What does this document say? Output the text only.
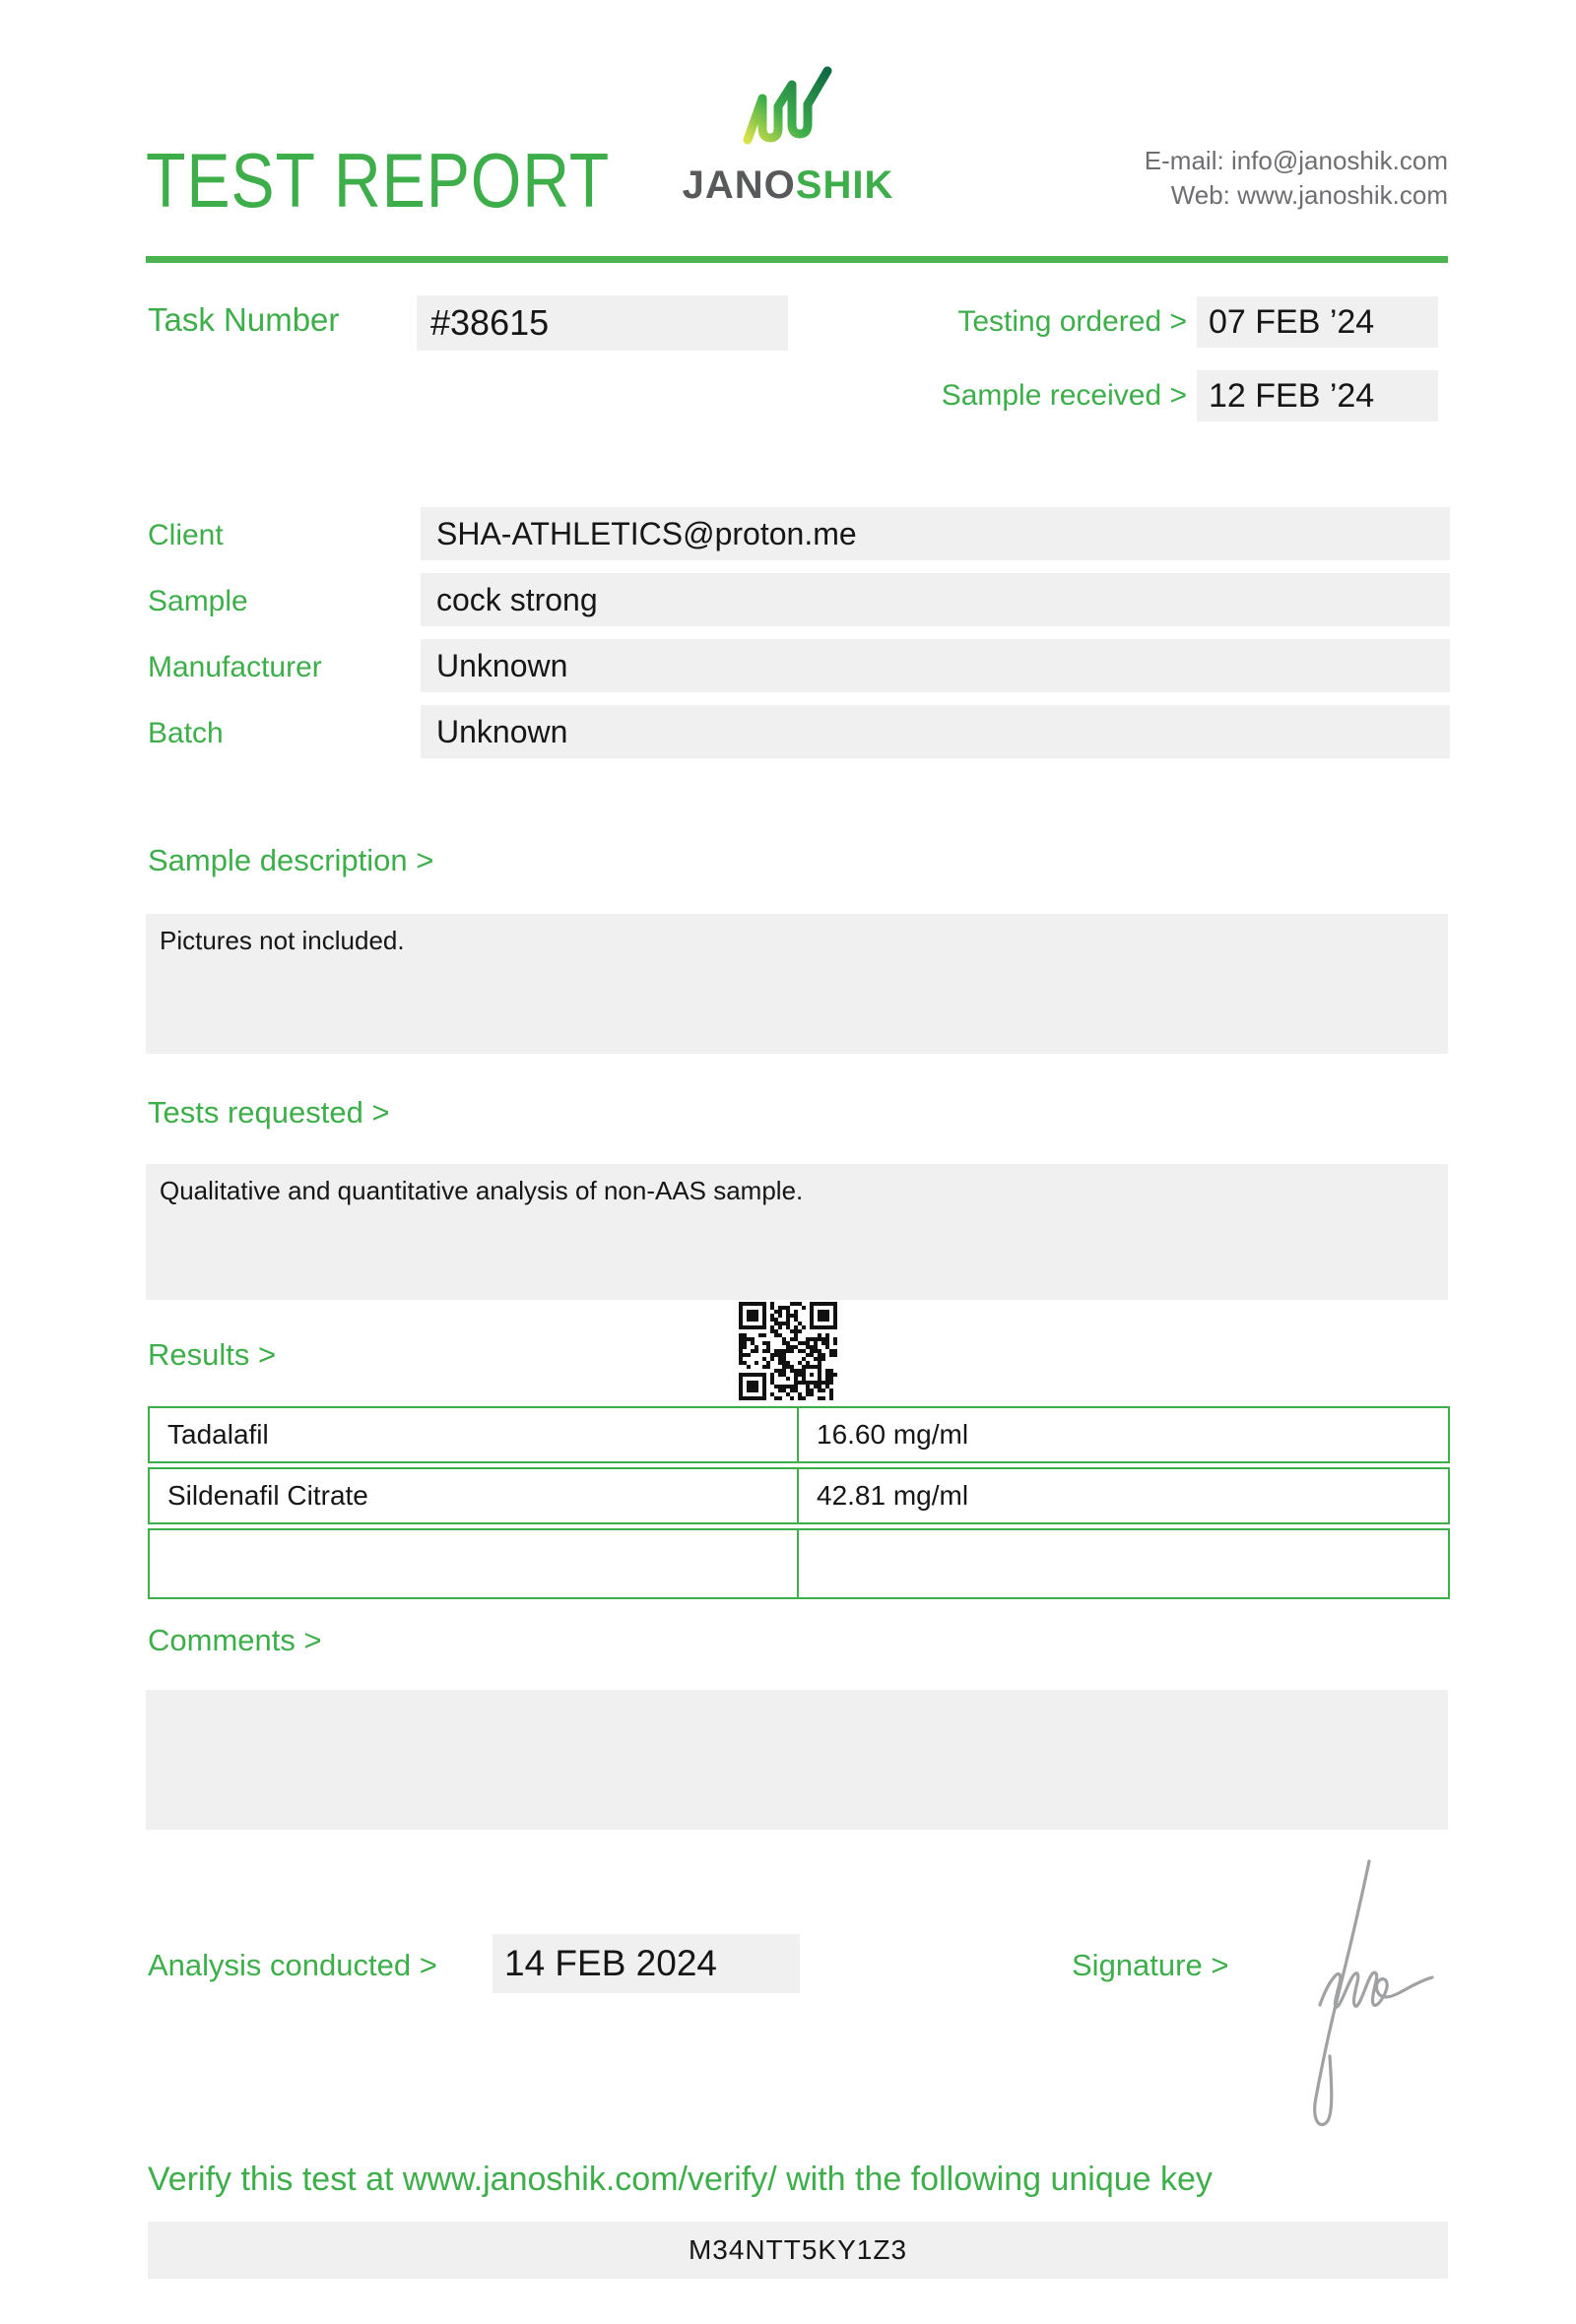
TEST REPORT JANOSHIK
E-mail: info@janoshik.com
Web: www.janoshik.com
Task Number	#38615	Testing ordered > 07 FEB ’24
Sample received > 12 FEB ’24
Client	SHA-ATHLETICS@proton.me
Sample	cock strong
Manufacturer	Unknown
Batch	Unknown
Sample description >
Pictures not included.
Tests requested >
Qualitative and quantitative analysis of non-AAS sample.
Results >
Tadalafil	16.60 mg/ml
Sildenafil Citrate	42.81 mg/ml
Comments >
Analysis conducted >	14 FEB 2024	Signature >
Verify this test at www.janoshik.com/verify/ with the following unique key
M34NTT5KY1Z3
